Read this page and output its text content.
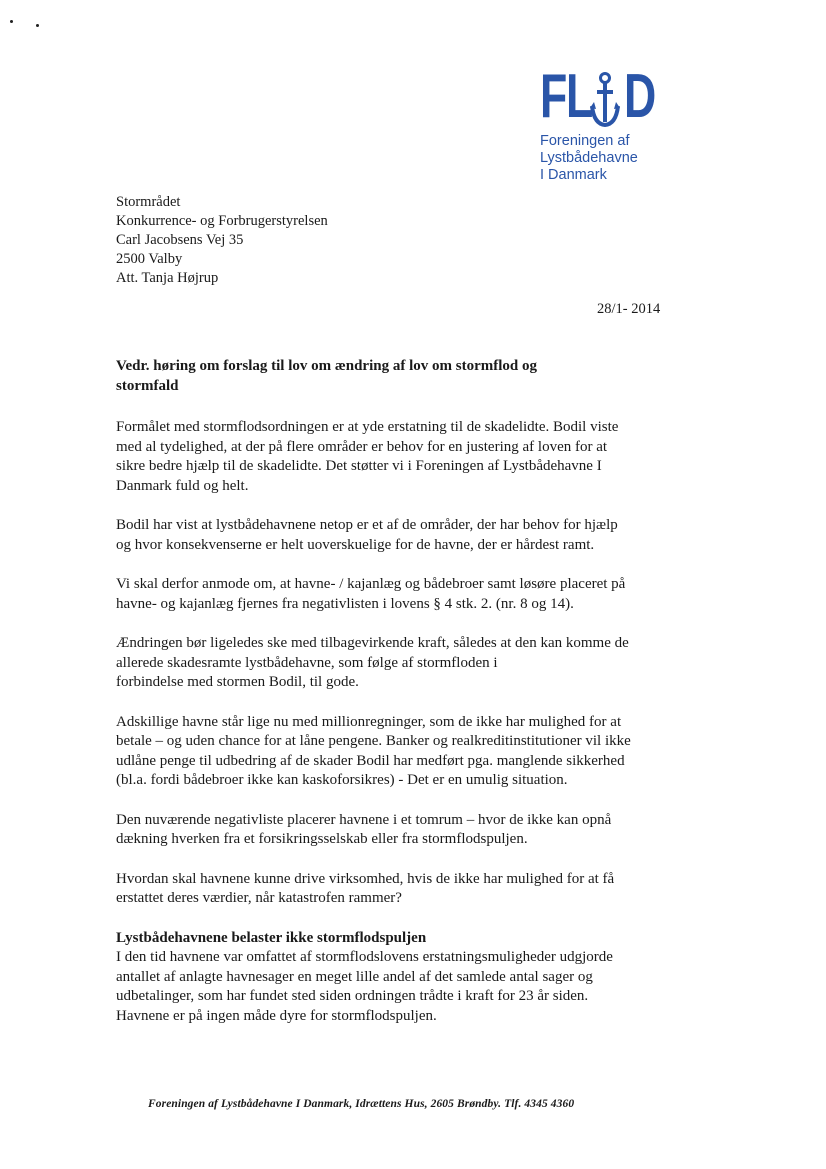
F L D
Foreningen af
Lystbådehavne
I Danmark
Stormrådet
Konkurrence- og Forbrugerstyrelsen
Carl Jacobsens Vej 35
2500 Valby
Att. Tanja Højrup
28/1- 2014
Vedr. høring om forslag til lov om ændring af lov om stormflod og
stormfald

Formålet med stormflodsordningen er at yde erstatning til de skadelidte. Bodil viste
med al tydelighed, at der på flere områder er behov for en justering af loven for at
sikre bedre hjælp til de skadelidte. Det støtter vi i Foreningen af Lystbådehavne I
Danmark fuld og helt.

Bodil har vist at lystbådehavnene netop er et af de områder, der har behov for hjælp
og hvor konsekvenserne er helt uoverskuelige for de havne, der er hårdest ramt.

Vi skal derfor anmode om, at havne- / kajanlæg og bådebroer samt løsøre placeret på
havne- og kajanlæg fjernes fra negativlisten i lovens § 4 stk. 2. (nr. 8 og 14).

Ændringen bør ligeledes ske med tilbagevirkende kraft, således at den kan komme de
allerede skadesramte lystbådehavne, som følge af stormfloden i
forbindelse med stormen Bodil, til gode.

Adskillige havne står lige nu med millionregninger, som de ikke har mulighed for at
betale – og uden chance for at låne pengene. Banker og realkreditinstitutioner vil ikke
udlåne penge til udbedring af de skader Bodil har medført pga. manglende sikkerhed
(bl.a. fordi bådebroer ikke kan kaskoforsikres) - Det er en umulig situation.

Den nuværende negativliste placerer havnene i et tomrum – hvor de ikke kan opnå
dækning hverken fra et forsikringsselskab eller fra stormflodspuljen.

Hvordan skal havnene kunne drive virksomhed, hvis de ikke har mulighed for at få
erstattet deres værdier, når katastrofen rammer?

Lystbådehavnene belaster ikke stormflodspuljen
I den tid havnene var omfattet af stormflodslovens erstatningsmuligheder udgjorde
antallet af anlagte havnesager en meget lille andel af det samlede antal sager og
udbetalinger, som har fundet sted siden ordningen trådte i kraft for 23 år siden.
Havnene er på ingen måde dyre for stormflodspuljen.
Foreningen af Lystbådehavne I Danmark, Idrættens Hus, 2605 Brøndby. Tlf. 4345 4360
